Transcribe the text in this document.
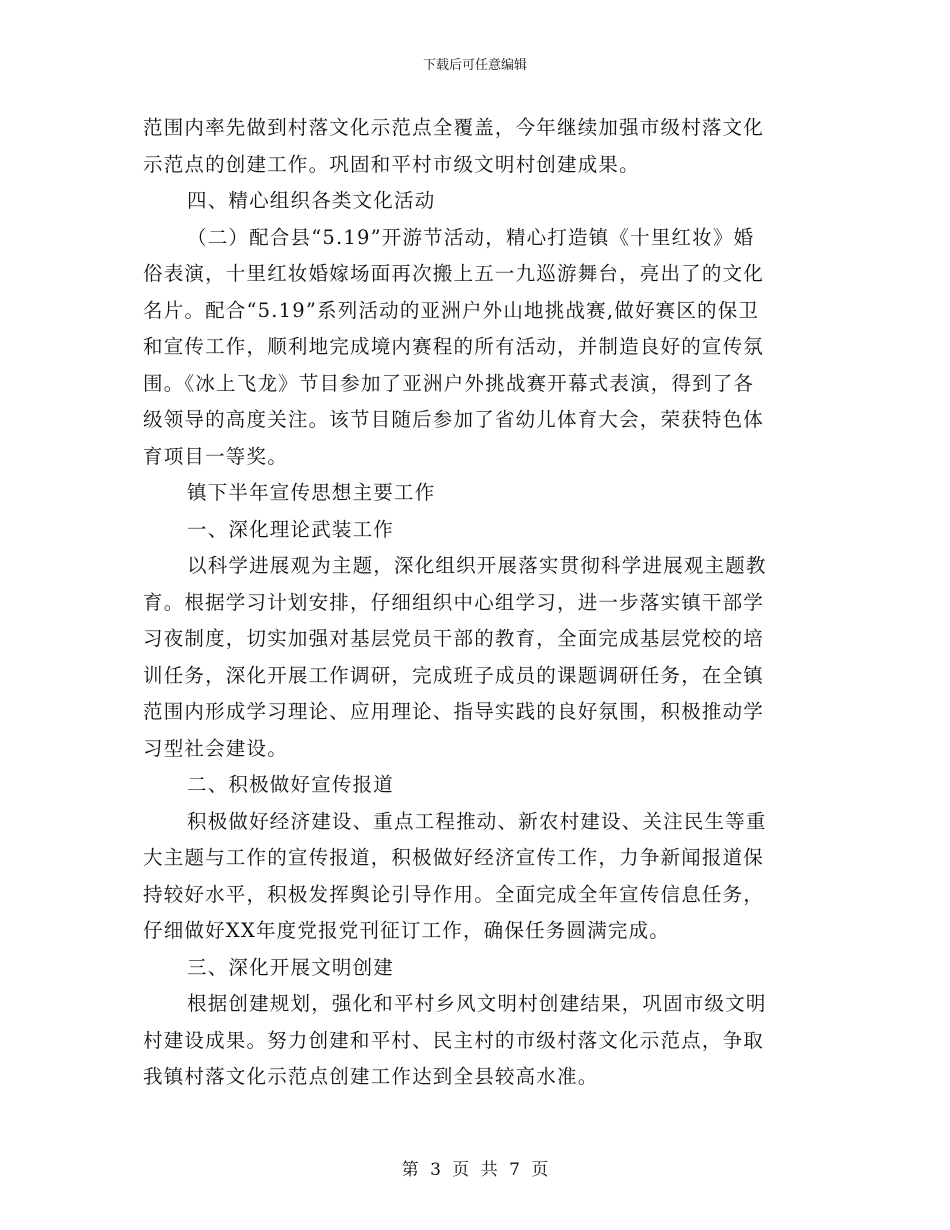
下载后可任意编辑
范围内率先做到村落文化示范点全覆盖，今年继续加强市级村落文化
示范点的创建工作。巩固和平村市级文明村创建成果。
四、精心组织各类文化活动
（二）配合县“5.19”开游节活动，精心打造镇《十里红妆》婚
俗表演，十里红妆婚嫁场面再次搬上五一九巡游舞台，亮出了的文化
名片。配合“5.19”系列活动的亚洲户外山地挑战赛,做好赛区的保卫
和宣传工作，顺利地完成境内赛程的所有活动，并制造良好的宣传氛
围。《冰上飞龙》节目参加了亚洲户外挑战赛开幕式表演，得到了各
级领导的高度关注。该节目随后参加了省幼儿体育大会，荣获特色体
育项目一等奖。
镇下半年宣传思想主要工作
一、深化理论武装工作
以科学进展观为主题，深化组织开展落实贯彻科学进展观主题教
育。根据学习计划安排，仔细组织中心组学习，进一步落实镇干部学
习夜制度，切实加强对基层党员干部的教育，全面完成基层党校的培
训任务，深化开展工作调研，完成班子成员的课题调研任务，在全镇
范围内形成学习理论、应用理论、指导实践的良好氛围，积极推动学
习型社会建设。
二、积极做好宣传报道
积极做好经济建设、重点工程推动、新农村建设、关注民生等重
大主题与工作的宣传报道，积极做好经济宣传工作，力争新闻报道保
持较好水平，积极发挥舆论引导作用。全面完成全年宣传信息任务，
仔细做好XX年度党报党刊征订工作，确保任务圆满完成。
三、深化开展文明创建
根据创建规划，强化和平村乡风文明村创建结果，巩固市级文明
村建设成果。努力创建和平村、民主村的市级村落文化示范点，争取
我镇村落文化示范点创建工作达到全县较高水准。
第 3 页 共 7 页
